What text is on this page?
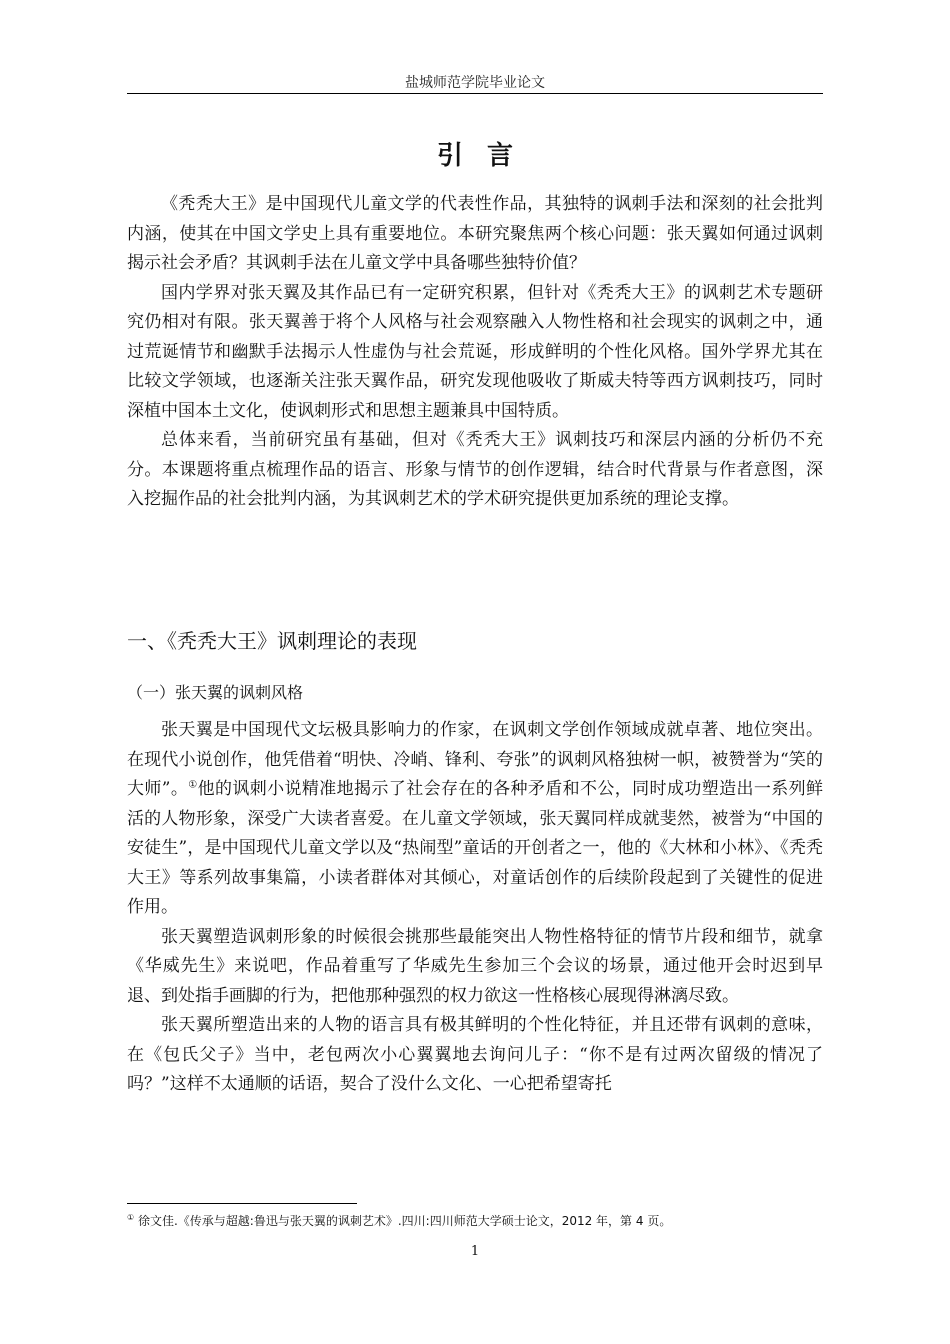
盐城师范学院毕业论文
引言

《秃秃大王》是中国现代儿童文学的代表性作品，其独特的讽刺手法和深刻的社会批判内涵，使其在中国文学史上具有重要地位。本研究聚焦两个核心问题：张天翼如何通过讽刺揭示社会矛盾？其讽刺手法在儿童文学中具备哪些独特价值？

国内学界对张天翼及其作品已有一定研究积累，但针对《秃秃大王》的讽刺艺术专题研究仍相对有限。张天翼善于将个人风格与社会观察融入人物性格和社会现实的讽刺之中，通过荒诞情节和幽默手法揭示人性虚伪与社会荒诞，形成鲜明的个性化风格。国外学界尤其在比较文学领域，也逐渐关注张天翼作品，研究发现他吸收了斯威夫特等西方讽刺技巧，同时深植中国本土文化，使讽刺形式和思想主题兼具中国特质。

总体来看，当前研究虽有基础，但对《秃秃大王》讽刺技巧和深层内涵的分析仍不充分。本课题将重点梳理作品的语言、形象与情节的创作逻辑，结合时代背景与作者意图，深入挖掘作品的社会批判内涵，为其讽刺艺术的学术研究提供更加系统的理论支撑。

一、《秃秃大王》讽刺理论的表现
（一）张天翼的讽刺风格

张天翼是中国现代文坛极具影响力的作家，在讽刺文学创作领域成就卓著、地位突出。在现代小说创作，他凭借着“明快、冷峭、锋利、夸张”的讽刺风格独树一帜，被赞誉为“笑的大师”。①他的讽刺小说精准地揭示了社会存在的各种矛盾和不公，同时成功塑造出一系列鲜活的人物形象，深受广大读者喜爱。在儿童文学领域，张天翼同样成就斐然，被誉为“中国的安徒生”，是中国现代儿童文学以及“热闹型”童话的开创者之一，他的《大林和小林》、《秃秃大王》等系列故事集篇，小读者群体对其倾心，对童话创作的后续阶段起到了关键性的促进作用。

张天翼塑造讽刺形象的时候很会挑那些最能突出人物性格特征的情节片段和细节，就拿《华威先生》来说吧，作品着重写了华威先生参加三个会议的场景，通过他开会时迟到早退、到处指手画脚的行为，把他那种强烈的权力欲这一性格核心展现得淋漓尽致。

张天翼所塑造出来的人物的语言具有极其鲜明的个性化特征，并且还带有讽刺的意味，在《包氏父子》当中，老包两次小心翼翼地去询问儿子：“你不是有过两次留级的情况了吗？”这样不太通顺的话语，契合了没什么文化、一心把希望寄托

① 徐文佳.《传承与超越:鲁迅与张天翼的讽刺艺术》.四川:四川师范大学硕士论文，2012 年，第 4 页。
1
